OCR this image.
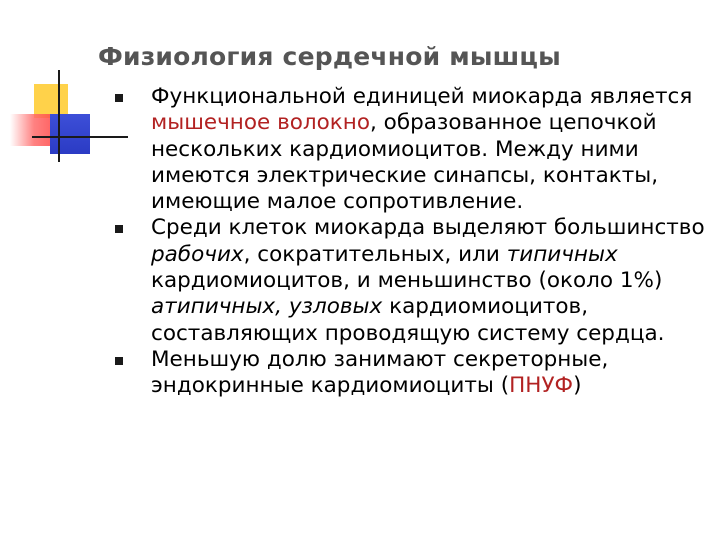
Физиология сердечной мышцы
Функциональной единицей миокарда является мышечное волокно, образованное цепочкой нескольких кардиомиоцитов. Между ними имеются электрические синапсы, контакты, имеющие малое сопротивление.
Среди клеток миокарда выделяют большинство рабочих, сократительных, или типичных кардиомиоцитов, и меньшинство (около 1%) атипичных, узловых кардиомиоцитов, составляющих проводящую систему сердца.
Меньшую долю занимают секреторные, эндокринные кардиомиоциты (ПНУФ)
